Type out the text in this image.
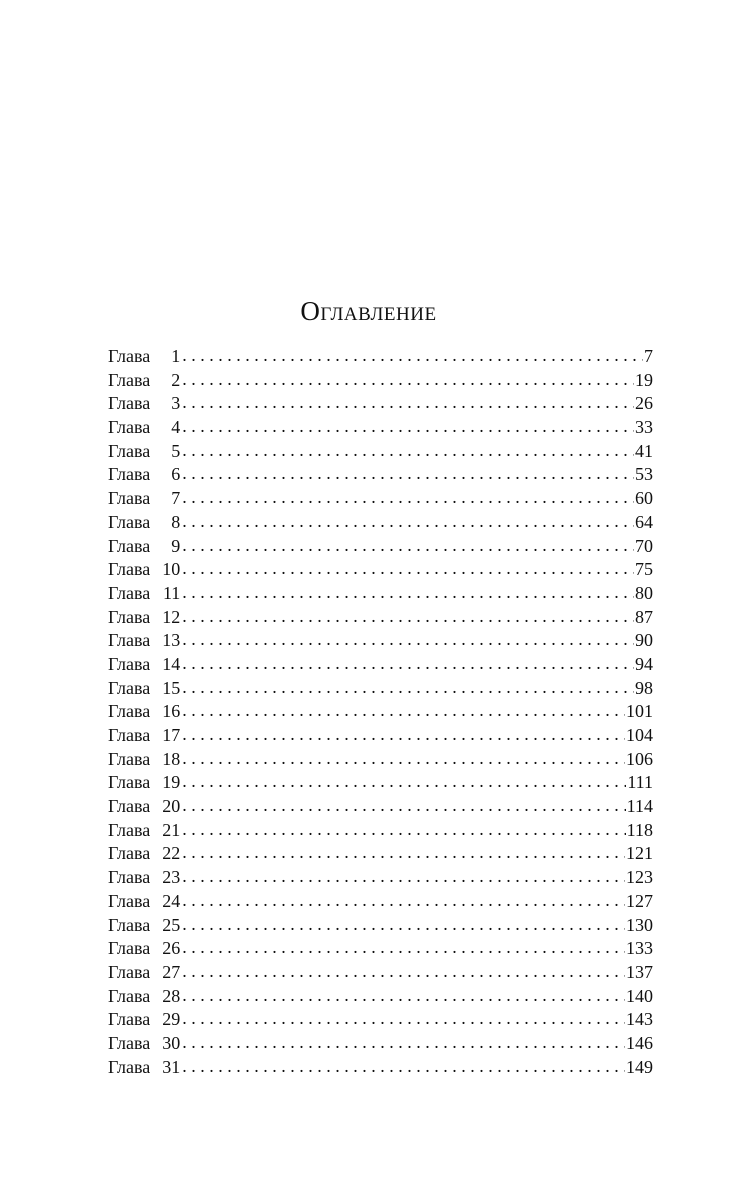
Оглавление
Глава	1 . . .	7
Глава	2 . . .	19
Глава	3 . . .	26
Глава	4 . . .	33
Глава	5 . . .	41
Глава	6 . . .	53
Глава	7 . . .	60
Глава	8 . . .	64
Глава	9 . . .	70
Глава 10 . . .	75
Глава 11 . . .	80
Глава 12 . . .	87
Глава 13 . . .	90
Глава 14 . . .	94
Глава 15 . . .	98
Глава 16 . . .	101
Глава 17 . . .	104
Глава 18 . . .	106
Глава 19 . . .	111
Глава 20 . . .	114
Глава 21 . . .	118
Глава 22 . . .	121
Глава 23 . . .	123
Глава 24 . . .	127
Глава 25 . . .	130
Глава 26 . . .	133
Глава 27 . . .	137
Глава 28 . . .	140
Глава 29 . . .	143
Глава 30 . . .	146
Глава 31 . . .	149
